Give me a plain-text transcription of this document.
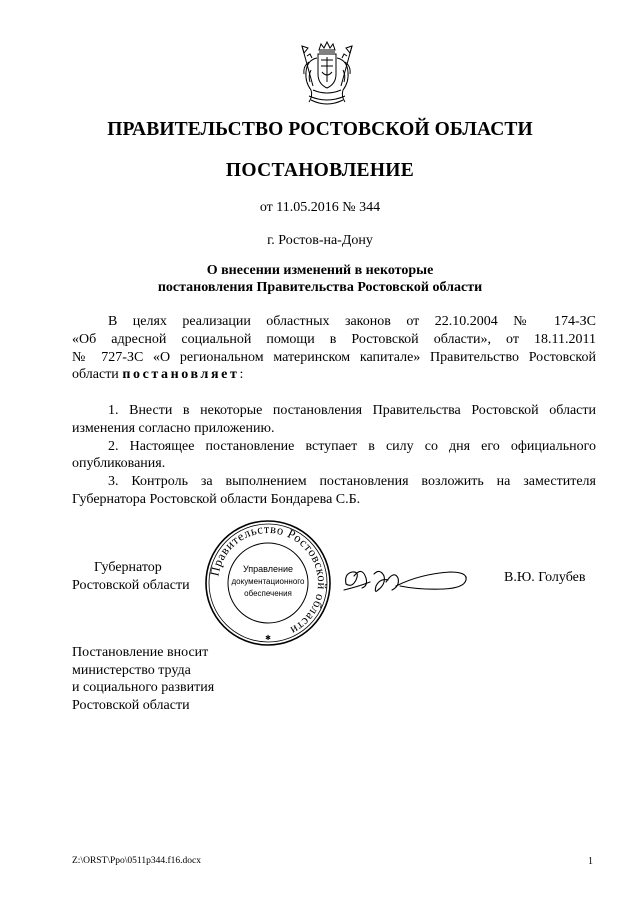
ПРАВИТЕЛЬСТВО РОСТОВСКОЙ ОБЛАСТИ
ПОСТАНОВЛЕНИЕ
от 11.05.2016 № 344
г. Ростов-на-Дону
О внесении изменений в некоторые
постановления Правительства Ростовской области
В целях реализации областных законов от 22.10.2004 № 174-ЗС
«Об адресной социальной помощи в Ростовской области», от 18.11.2011
№ 727-ЗС «О региональном материнском капитале» Правительство Ростовской
области постановляет:
1. Внести в некоторые постановления Правительства Ростовской области
изменения согласно приложению.
2. Настоящее постановление вступает в силу со дня его официального
опубликования.
3. Контроль за выполнением постановления возложить на заместителя
Губернатора Ростовской области Бондарева С.Б.
Губернатор
Ростовской области
Правительство Ростовской области
Управление
документационного
обеспечения
✱
В.Ю. Голубев
Постановление вносит
министерство труда
и социального развития
Ростовской области
Z:\ORST\Ppo\0511p344.f16.docx	1
